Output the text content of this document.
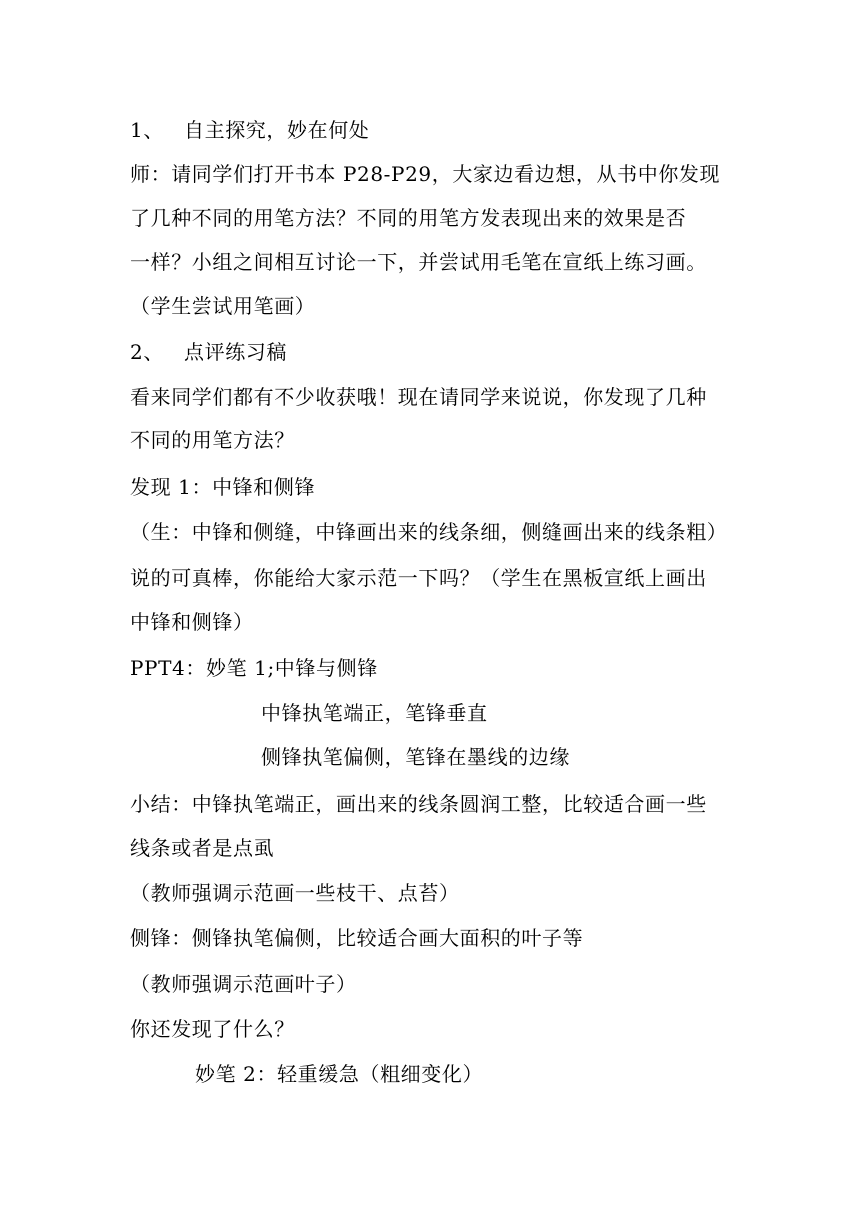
1、 自主探究，妙在何处
师：请同学们打开书本 P28-P29，大家边看边想，从书中你发现
了几种不同的用笔方法？不同的用笔方发表现出来的效果是否
一样？小组之间相互讨论一下，并尝试用毛笔在宣纸上练习画。
（学生尝试用笔画）
2、 点评练习稿
看来同学们都有不少收获哦！现在请同学来说说，你发现了几种
不同的用笔方法？
发现 1：中锋和侧锋
（生：中锋和侧缝，中锋画出来的线条细，侧缝画出来的线条粗）
说的可真棒，你能给大家示范一下吗？（学生在黑板宣纸上画出
中锋和侧锋）
PPT4：妙笔 1;中锋与侧锋
中锋执笔端正，笔锋垂直
侧锋执笔偏侧，笔锋在墨线的边缘
小结：中锋执笔端正，画出来的线条圆润工整，比较适合画一些
线条或者是点虱
（教师强调示范画一些枝干、点苔）
侧锋：侧锋执笔偏侧，比较适合画大面积的叶子等
（教师强调示范画叶子）
你还发现了什么？
妙笔 2：轻重缓急（粗细变化）
